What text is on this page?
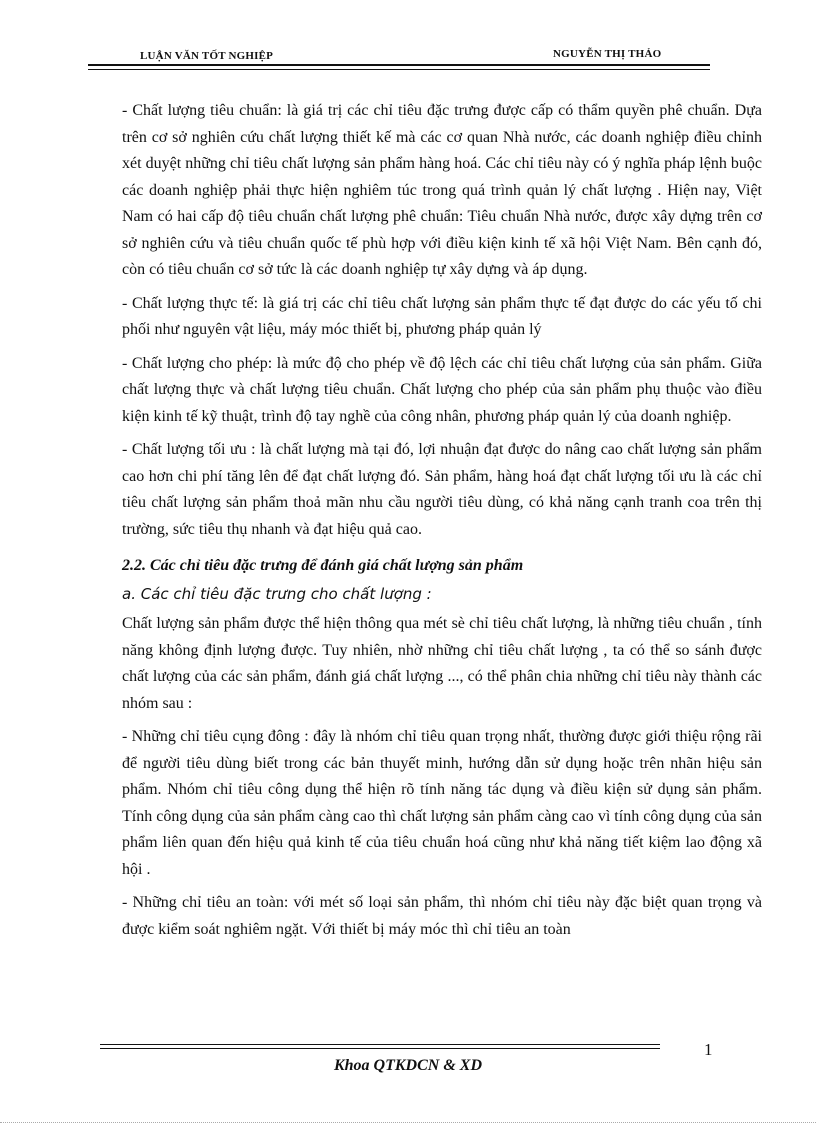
LUẬN VĂN TỐT NGHIỆP	NGUYỄN THỊ THẢO

- Chất lượng tiêu chuẩn: là giá trị các chỉ tiêu đặc trưng được cấp có thẩm quyền phê chuẩn. Dựa trên cơ sở nghiên cứu chất lượng thiết kế mà các cơ quan Nhà nước, các doanh nghiệp điều chỉnh xét duyệt những chỉ tiêu chất lượng sản phẩm hàng hoá. Các chỉ tiêu này có ý nghĩa pháp lệnh buộc các doanh nghiệp phải thực hiện nghiêm túc trong quá trình quản lý chất lượng . Hiện nay, Việt Nam có hai cấp độ tiêu chuẩn chất lượng phê chuẩn: Tiêu chuẩn Nhà nước, được xây dựng trên cơ sở nghiên cứu và tiêu chuẩn quốc tế phù hợp với điều kiện kinh tế xã hội Việt Nam. Bên cạnh đó, còn có tiêu chuẩn cơ sở tức là các doanh nghiệp tự xây dựng và áp dụng.

- Chất lượng thực tế: là giá trị các chỉ tiêu chất lượng sản phẩm thực tế đạt được do các yếu tố chi phối như nguyên vật liệu, máy móc thiết bị, phương pháp quản lý

- Chất lượng cho phép: là mức độ cho phép về độ lệch các chỉ tiêu chất lượng của sản phẩm. Giữa chất lượng thực và chất lượng tiêu chuẩn. Chất lượng cho phép của sản phẩm phụ thuộc vào điều kiện kinh tế kỹ thuật, trình độ tay nghề của công nhân, phương pháp quản lý của doanh nghiệp.

- Chất lượng tối ưu : là chất lượng mà tại đó, lợi nhuận đạt được do nâng cao chất lượng sản phẩm cao hơn chi phí tăng lên để đạt chất lượng đó. Sản phẩm, hàng hoá đạt chất lượng tối ưu là các chỉ tiêu chất lượng sản phẩm thoả mãn nhu cầu người tiêu dùng, có khả năng cạnh tranh coa trên thị trường, sức tiêu thụ nhanh và đạt hiệu quả cao.

2.2. Các chỉ tiêu đặc trưng để đánh giá chất lượng sản phẩm

a. Các chỉ tiêu đặc trưng cho chất lượng :

Chất lượng sản phẩm được thể hiện thông qua mét sè chỉ tiêu chất lượng, là những tiêu chuẩn , tính năng không định lượng được. Tuy nhiên, nhờ những chỉ tiêu chất lượng , ta có thể so sánh được chất lượng của các sản phẩm, đánh giá chất lượng ..., có thể phân chia những chỉ tiêu này thành các nhóm sau :

- Những chỉ tiêu cụng đông : đây là nhóm chỉ tiêu quan trọng nhất, thường được giới thiệu rộng rãi để người tiêu dùng biết trong các bản thuyết minh, hướng dẫn sử dụng hoặc trên nhãn hiệu sản phẩm. Nhóm chỉ tiêu công dụng thể hiện rõ tính năng tác dụng và điều kiện sử dụng sản phẩm. Tính công dụng của sản phẩm càng cao thì chất lượng sản phẩm càng cao vì tính công dụng của sản phẩm liên quan đến hiệu quả kinh tế của tiêu chuẩn hoá cũng như khả năng tiết kiệm lao động xã hội .

- Những chỉ tiêu an toàn: với mét số loại sản phẩm, thì nhóm chỉ tiêu này đặc biệt quan trọng và được kiểm soát nghiêm ngặt. Với thiết bị máy móc thì chỉ tiêu an toàn

1
Khoa QTKDCN & XD
